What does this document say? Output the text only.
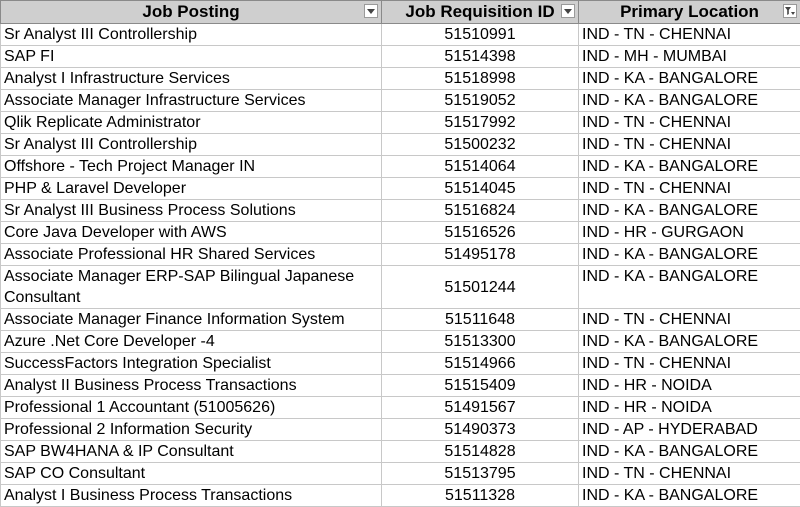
Job Posting	Job Requisition ID	Primary Location

Sr Analyst III Controllership	51510991	IND - TN - CHENNAI
SAP FI	51514398	IND - MH - MUMBAI
Analyst I Infrastructure Services	51518998	IND - KA - BANGALORE
Associate Manager Infrastructure Services	51519052	IND - KA - BANGALORE
Qlik Replicate Administrator	51517992	IND - TN - CHENNAI
Sr Analyst III Controllership	51500232	IND - TN - CHENNAI
Offshore - Tech Project Manager IN	51514064	IND - KA - BANGALORE
PHP & Laravel Developer	51514045	IND - TN - CHENNAI
Sr Analyst III Business Process Solutions	51516824	IND - KA - BANGALORE
Core Java Developer with AWS	51516526	IND - HR - GURGAON
Associate Professional HR Shared Services	51495178	IND - KA - BANGALORE
Associate Manager ERP-SAP Bilingual Japanese Consultant	51501244	IND - KA - BANGALORE
Associate Manager Finance Information System	51511648	IND - TN - CHENNAI
Azure .Net Core Developer -4	51513300	IND - KA - BANGALORE
SuccessFactors Integration Specialist	51514966	IND - TN - CHENNAI
Analyst II Business Process Transactions	51515409	IND - HR - NOIDA
Professional 1 Accountant (51005626)	51491567	IND - HR - NOIDA
Professional 2 Information Security	51490373	IND - AP - HYDERABAD
SAP BW4HANA & IP Consultant	51514828	IND - KA - BANGALORE
SAP CO Consultant	51513795	IND - TN - CHENNAI
Analyst I Business Process Transactions	51511328	IND - KA - BANGALORE
